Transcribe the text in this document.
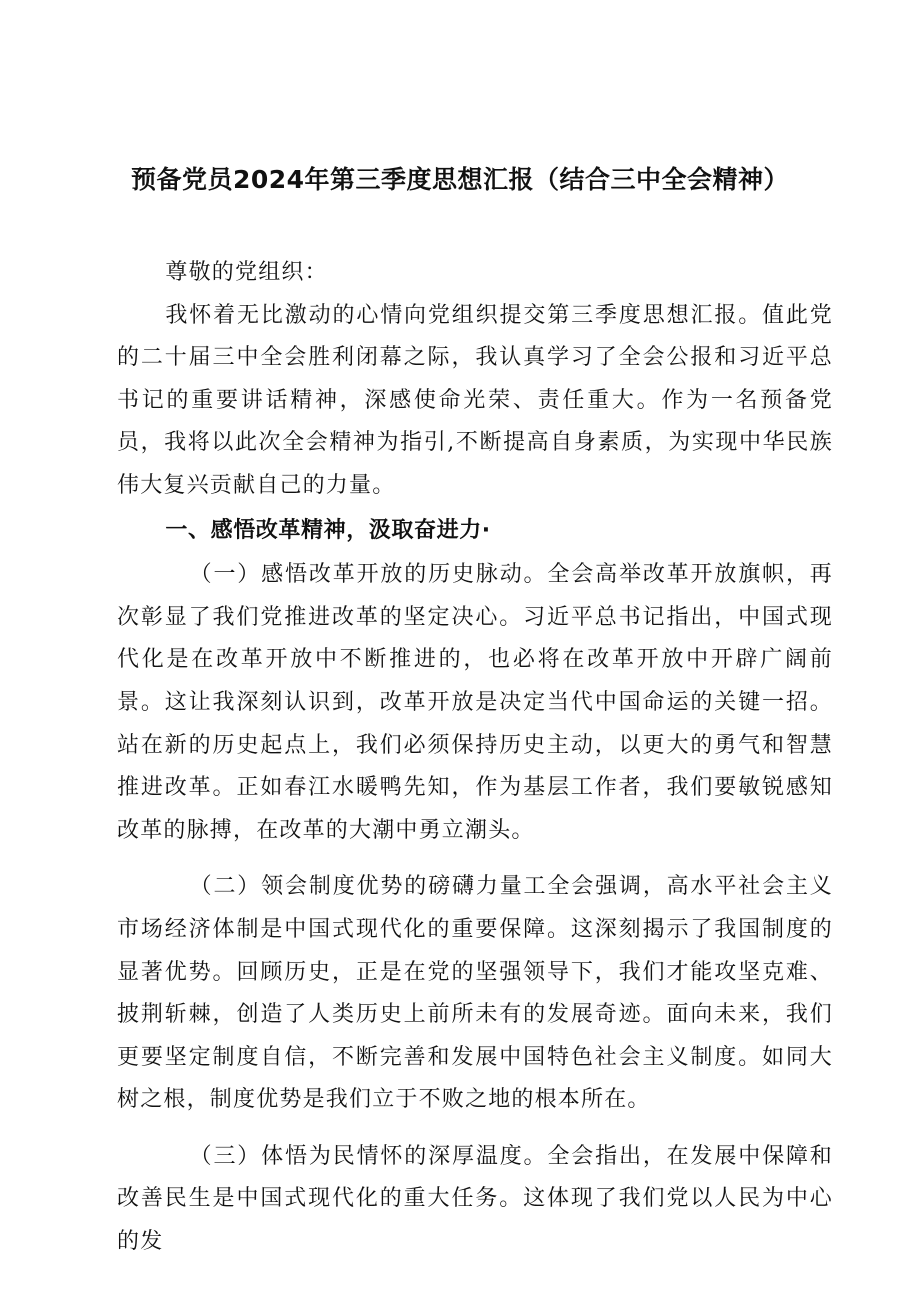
预备党员2024年第三季度思想汇报（结合三中全会精神）

尊敬的党组织：

我怀着无比激动的心情向党组织提交第三季度思想汇报。值此党的二十届三中全会胜利闭幕之际，我认真学习了全会公报和习近平总书记的重要讲话精神，深感使命光荣、责任重大。作为一名预备党员，我将以此次全会精神为指引,不断提高自身素质，为实现中华民族伟大复兴贡献自己的力量。

一、感悟改革精神，汲取奋进力·

（一）感悟改革开放的历史脉动。全会高举改革开放旗帜，再次彰显了我们党推进改革的坚定决心。习近平总书记指出，中国式现代化是在改革开放中不断推进的，也必将在改革开放中开辟广阔前景。这让我深刻认识到，改革开放是决定当代中国命运的关键一招。站在新的历史起点上，我们必须保持历史主动，以更大的勇气和智慧推进改革。正如春江水暖鸭先知，作为基层工作者，我们要敏锐感知改革的脉搏，在改革的大潮中勇立潮头。

（二）领会制度优势的磅礴力量工全会强调，高水平社会主义市场经济体制是中国式现代化的重要保障。这深刻揭示了我国制度的显著优势。回顾历史，正是在党的坚强领导下，我们才能攻坚克难、披荆斩棘，创造了人类历史上前所未有的发展奇迹。面向未来，我们更要坚定制度自信，不断完善和发展中国特色社会主义制度。如同大树之根，制度优势是我们立于不败之地的根本所在。

（三）体悟为民情怀的深厚温度。全会指出，在发展中保障和改善民生是中国式现代化的重大任务。这体现了我们党以人民为中心的发
